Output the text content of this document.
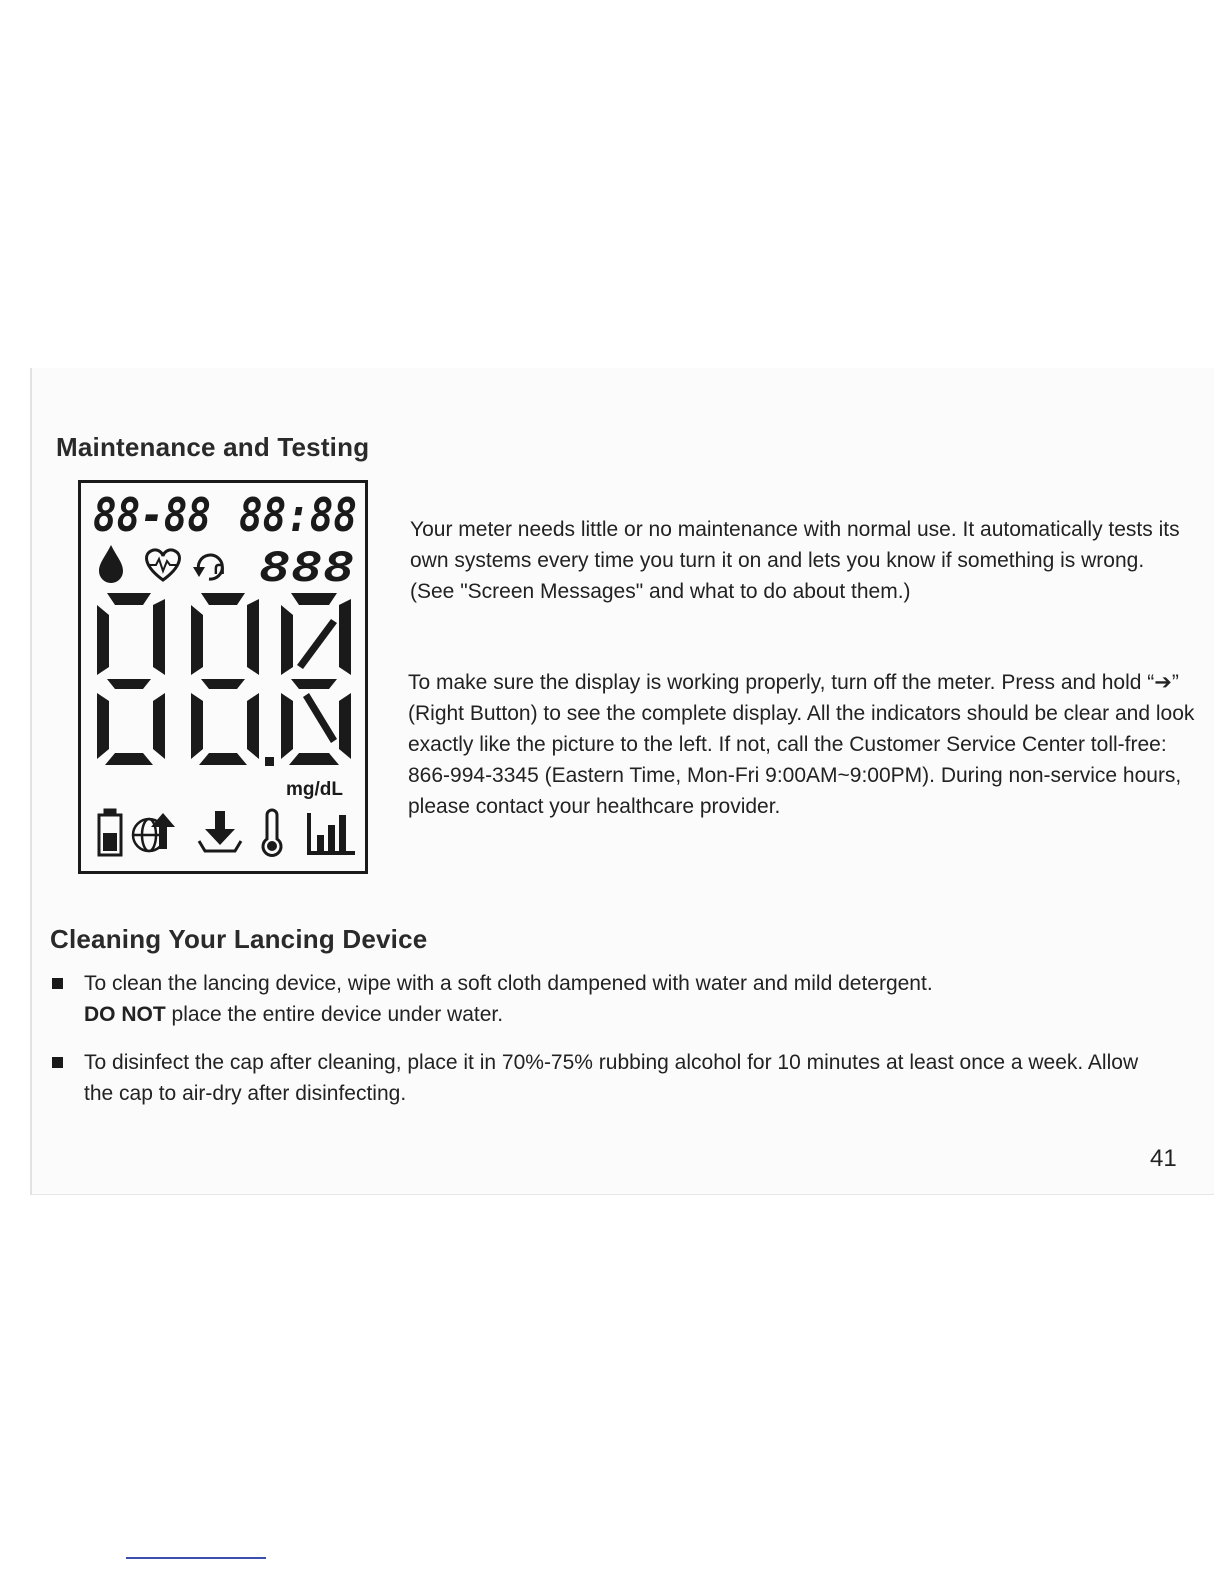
Maintenance and Testing
88-88 88:88
∩ 888
mg/dL

Your meter needs little or no maintenance with normal use. It automatically tests its own systems every time you turn it on and lets you know if something is wrong. (See "Screen Messages" and what to do about them.)

To make sure the display is working properly, turn off the meter. Press and hold “➔” (Right Button) to see the complete display. All the indicators should be clear and look exactly like the picture to the left. If not, call the Customer Service Center toll-free: 866-994-3345 (Eastern Time, Mon-Fri 9:00AM~9:00PM). During non-service hours, please contact your healthcare provider.

Cleaning Your Lancing Device
To clean the lancing device, wipe with a soft cloth dampened with water and mild detergent.
DO NOT place the entire device under water.
To disinfect the cap after cleaning, place it in 70%-75% rubbing alcohol for 10 minutes at least once a week. Allow the cap to air-dry after disinfecting.
41
